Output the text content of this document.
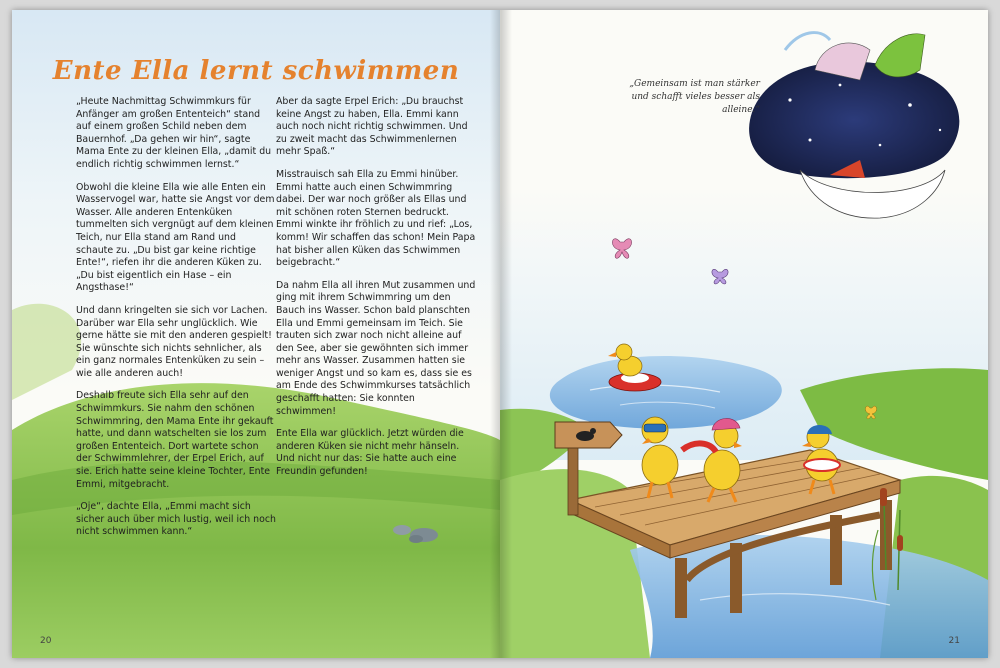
Ente Ella lernt schwimmen

„Heute Nachmittag Schwimmkurs für Anfänger am großen Ententeich“ stand auf einem großen Schild neben dem Bauernhof. „Da gehen wir hin“, sagte Mama Ente zu der kleinen Ella, „damit du endlich richtig schwimmen lernst.“

Obwohl die kleine Ella wie alle Enten ein Wasservogel war, hatte sie Angst vor dem Wasser. Alle anderen Entenküken tummelten sich vergnügt auf dem kleinen Teich, nur Ella stand am Rand und schaute zu. „Du bist gar keine richtige Ente!“, riefen ihr die anderen Küken zu. „Du bist eigentlich ein Hase – ein Angsthase!“

Und dann kringelten sie sich vor Lachen. Darüber war Ella sehr unglücklich. Wie gerne hätte sie mit den anderen gespielt! Sie wünschte sich nichts sehnlicher, als ein ganz normales Entenküken zu sein – wie alle anderen auch!

Deshalb freute sich Ella sehr auf den Schwimmkurs. Sie nahm den schönen Schwimmring, den Mama Ente ihr gekauft hatte, und dann watschelten sie los zum großen Ententeich. Dort wartete schon der Schwimmlehrer, der Erpel Erich, auf sie. Erich hatte seine kleine Tochter, Ente Emmi, mitgebracht.

„Oje“, dachte Ella, „Emmi macht sich sicher auch über mich lustig, weil ich noch nicht schwimmen kann.“

Aber da sagte Erpel Erich: „Du brauchst keine Angst zu haben, Ella. Emmi kann auch noch nicht richtig schwimmen. Und zu zweit macht das Schwimmenlernen mehr Spaß.“

Misstrauisch sah Ella zu Emmi hinüber. Emmi hatte auch einen Schwimmring dabei. Der war noch größer als Ellas und mit schönen roten Sternen bedruckt. Emmi winkte ihr fröhlich zu und rief: „Los, komm! Wir schaffen das schon! Mein Papa hat bisher allen Küken das Schwimmen beigebracht.“

Da nahm Ella all ihren Mut zusammen und ging mit ihrem Schwimmring um den Bauch ins Wasser. Schon bald planschten Ella und Emmi gemeinsam im Teich. Sie trauten sich zwar noch nicht alleine auf den See, aber sie gewöhnten sich immer mehr ans Wasser. Zusammen hatten sie weniger Angst und so kam es, dass sie es am Ende des Schwimmkurses tatsächlich geschafft hatten: Sie konnten schwimmen!

Ente Ella war glücklich. Jetzt würden die anderen Küken sie nicht mehr hänseln. Und nicht nur das: Sie hatte auch eine Freundin gefunden!

20
„Gemeinsam ist man stärker und schafft vieles besser als alleine.“
21
